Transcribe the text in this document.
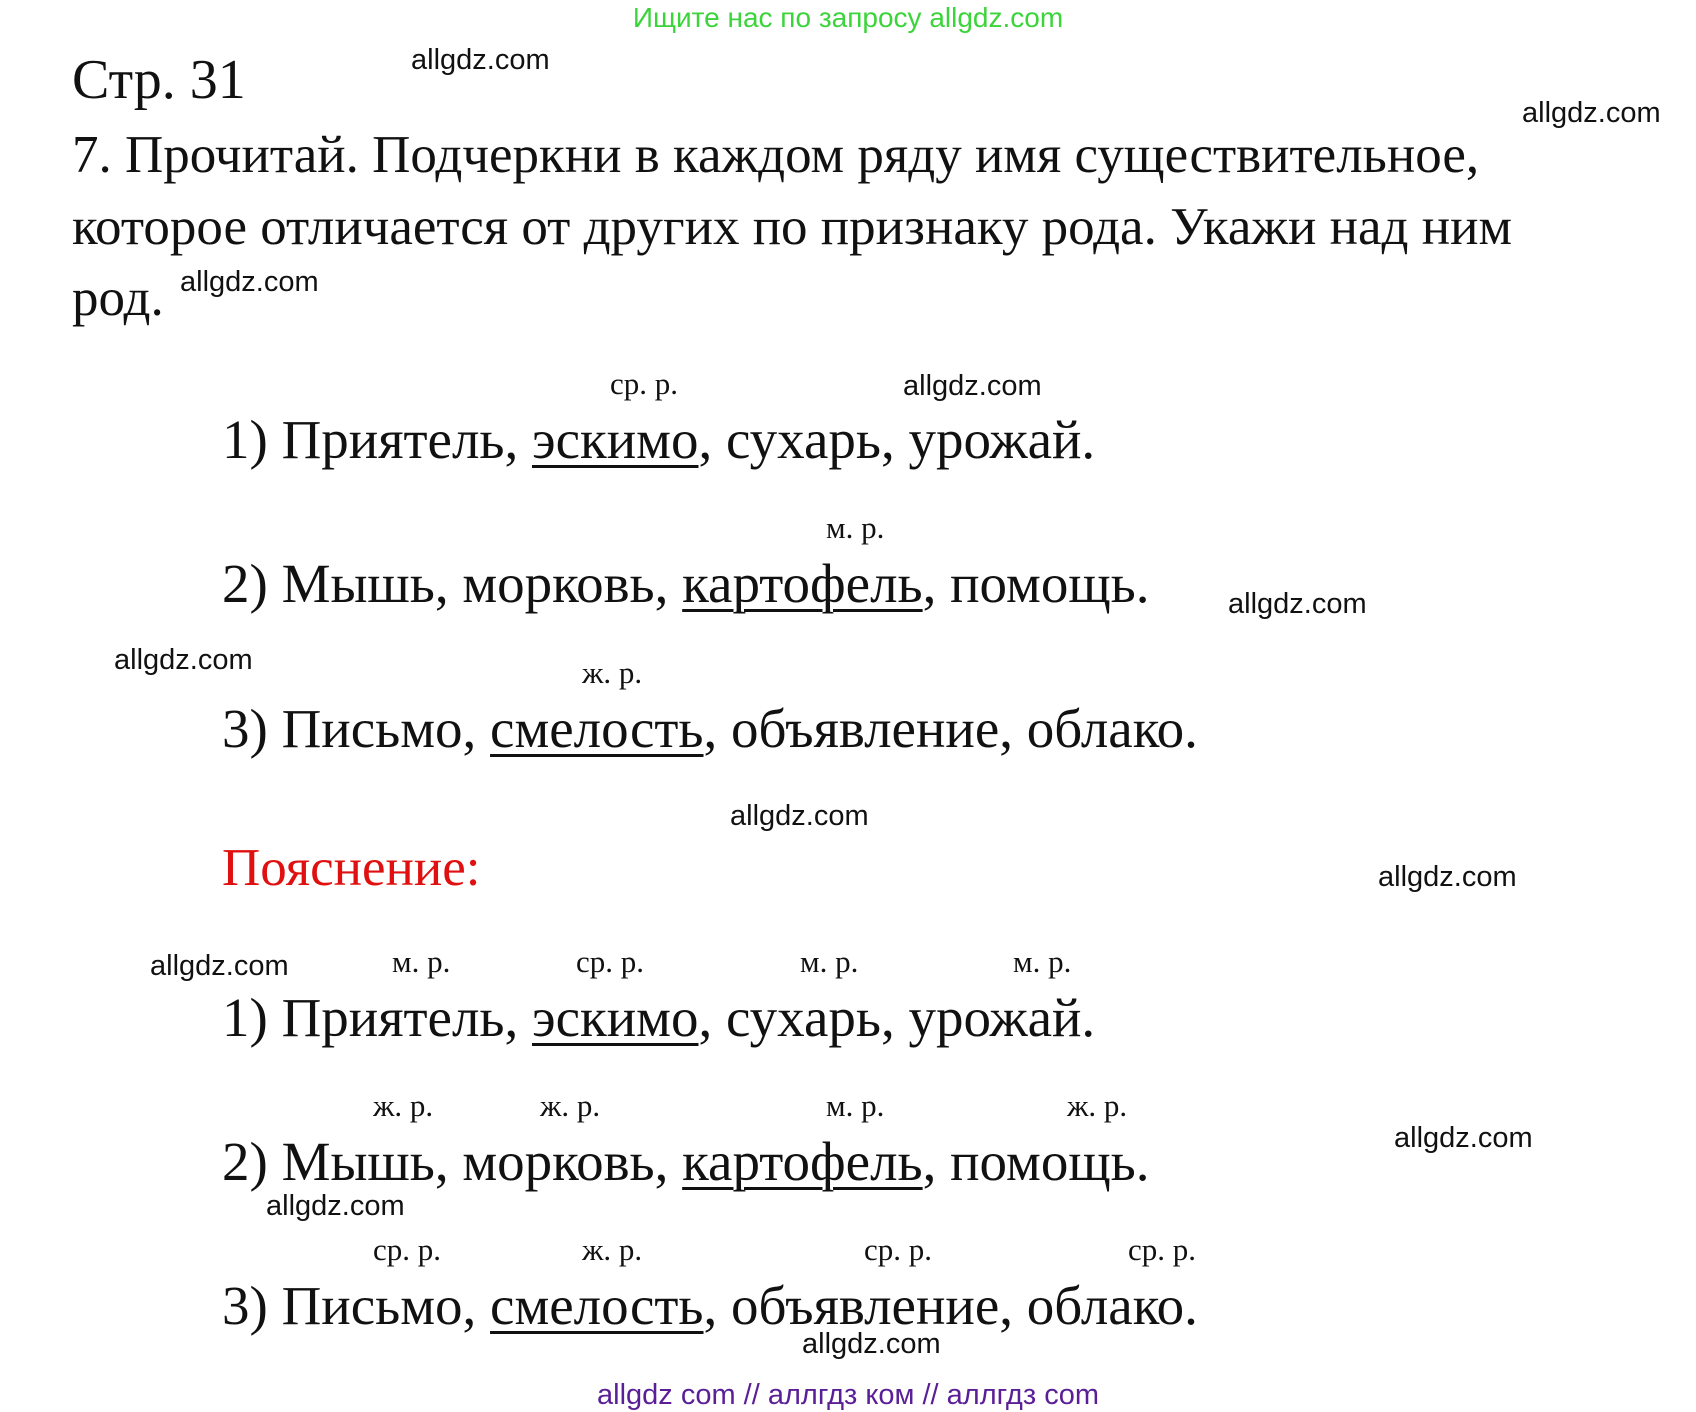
Ищите нас по запросу allgdz.com
Стр. 31
7. Прочитай. Подчеркни в каждом ряду имя существительное,
которое отличается от других по признаку рода. Укажи над ним
род.
ср. р.
1) Приятель, эскимо, сухарь, урожай.
м. р.
2) Мышь, морковь, картофель, помощь.
ж. р.
3) Письмо, смелость, объявление, облако.
Пояснение:
м. р.	ср. р.	м. р.	м. р.
1) Приятель, эскимо, сухарь, урожай.
ж. р.	ж. р.	м. р.	ж. р.
2) Мышь, морковь, картофель, помощь.
ср. р.	ж. р.	ср. р.	ср. р.
3) Письмо, смелость, объявление, облако.
allgdz.com
allgdz.com
allgdz.com
allgdz.com
allgdz.com
allgdz.com
allgdz.com
allgdz.com
allgdz.com
allgdz.com
allgdz.com
allgdz.com
allgdz com // аллгдз ком // аллгдз com
